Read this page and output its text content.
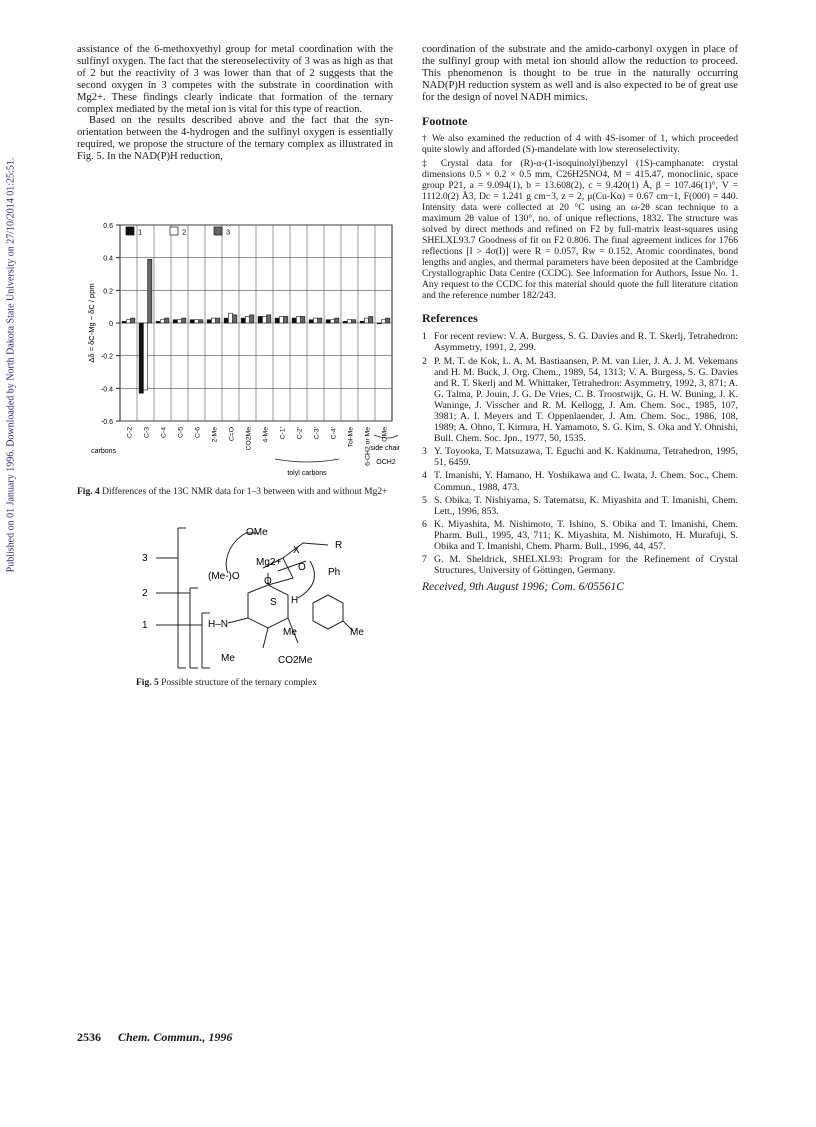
Published on 01 January 1996. Downloaded by North Dakota State University on 27/10/2014 01:25:51.

assistance of the 6-methoxyethyl group for metal coordination with the sulfinyl oxygen. The fact that the stereoselectivity of 3 was as high as that of 2 but the reactivity of 3 was lower than that of 2 suggests that the second oxygen in 3 competes with the substrate in coordination with Mg2+. These findings clearly indicate that formation of the ternary complex mediated by the metal ion is vital for this type of reaction.

Based on the results described above and the fact that the syn-orientation between the 4-hydrogen and the sulfinyl oxygen is essentially required, we propose the structure of the ternary complex as illustrated in Fig. 5. In the NAD(P)H reduction,

0.6
0.4
0.2
0
-0.2
-0.4
-0.6
Δδ = δC-Mg − δC / ppm
1	2	3
carbons
C-2 C-3 C-4 C-5 C-6 2-Me C=O CO2Me 4-Me C-1' C-2' C-3' C-4' Tol-Me 6-CH2 or Me OMe
tolyl carbons
side chain
OCH2
Fig. 4 Differences of the 13C NMR data for 1–3 between with and without Mg2+
OMe
X	R
Mg2+
(Me-)O O
Ph
O
S H
H–N
Me	Me
Me	CO2Me
3
2
1
Fig. 5 Possible structure of the ternary complex

coordination of the substrate and the amido-carbonyl oxygen in place of the sulfinyl group with metal ion should allow the reduction to proceed. This phenomenon is thought to be true in the naturally occurring NAD(P)H reduction system as well and is also expected to be of great use for the design of novel NADH mimics.

Footnote

† We also examined the reduction of 4 with 4S-isomer of 1, which proceeded quite slowly and afforded (S)-mandelate with low stereoselectivity.

‡ Crystal data for (R)-α-(1-isoquinolyl)benzyl (1S)-camphanate: crystal dimensions 0.5 × 0.2 × 0.5 mm, C26H25NO4, M = 415.47, monoclinic, space group P21, a = 9.094(1), b = 13.608(2), c = 9.420(1) Å, β = 107.46(1)°, V = 1112.0(2) Å3, Dc = 1.241 g cm−3, z = 2, μ(Cu-Kα) = 0.67 cm−1, F(000) = 440. Intensity data were collected at 20 °C using an ω-2θ scan technique to a maximum 2θ value of 130°, no. of unique reflections, 1832. The structure was solved by direct methods and refined on F2 by full-matrix least-squares using SHELXL93.7 Goodness of fit on F2 0.806. The final agreement indices for 1766 reflections [I > 4σ(I)] were R = 0.057, Rw = 0.152. Atomic coordinates, bond lengths and angles, and thermal parameters have been deposited at the Cambridge Crystallographic Data Centre (CCDC). See Information for Authors, Issue No. 1. Any request to the CCDC for this material should quote the full literature citation and the reference number 182/243.

References
1 For recent review: V. A. Burgess, S. G. Davies and R. T. Skerlj, Tetrahedron: Asymmetry, 1991, 2, 299.
2 P. M. T. de Kok, L. A. M. Bastiaansen, P. M. van Lier, J. A. J. M. Vekemans and H. M. Buck, J. Org. Chem., 1989, 54, 1313; V. A. Burgess, S. G. Davies and R. T. Skerlj and M. Whittaker, Tetrahedron: Asymmetry, 1992, 3, 871; A. G. Talma, P. Jouin, J. G. De Vries, C. B. Troostwijk, G. H. W. Buning, J. K. Waninge, J. Visscher and R. M. Kellogg, J. Am. Chem. Soc., 1985, 107, 3981; A. I. Meyers and T. Oppenlaender, J. Am. Chem. Soc., 1986, 108, 1989; A. Ohno, T. Kimura, H. Yamamoto, S. G. Kim, S. Oka and Y. Ohnishi, Bull. Chem. Soc. Jpn., 1977, 50, 1535.
3 Y. Toyooka, T. Matsuzawa, T. Eguchi and K. Kakinuma, Tetrahedron, 1995, 51, 6459.
4 T. Imanishi, Y. Hamano, H. Yoshikawa and C. Iwata, J. Chem. Soc., Chem. Commun., 1988, 473.
5 S. Obika, T. Nishiyama, S. Tatematsu, K. Miyashita and T. Imanishi, Chem. Lett., 1996, 853.
6 K. Miyashita, M. Nishimoto, T. Ishino, S. Obika and T. Imanishi, Chem. Pharm. Bull., 1995, 43, 711; K. Miyashita, M. Nishimoto, H. Murafuji, S. Obika and T. Imanishi, Chem. Pharm. Bull., 1996, 44, 457.
7 G. M. Sheldrick, SHELXL93: Program for the Refinement of Crystal Structures, University of Göttingen, Germany.
Received, 9th August 1996; Com. 6/05561C
2536 Chem. Commun., 1996
